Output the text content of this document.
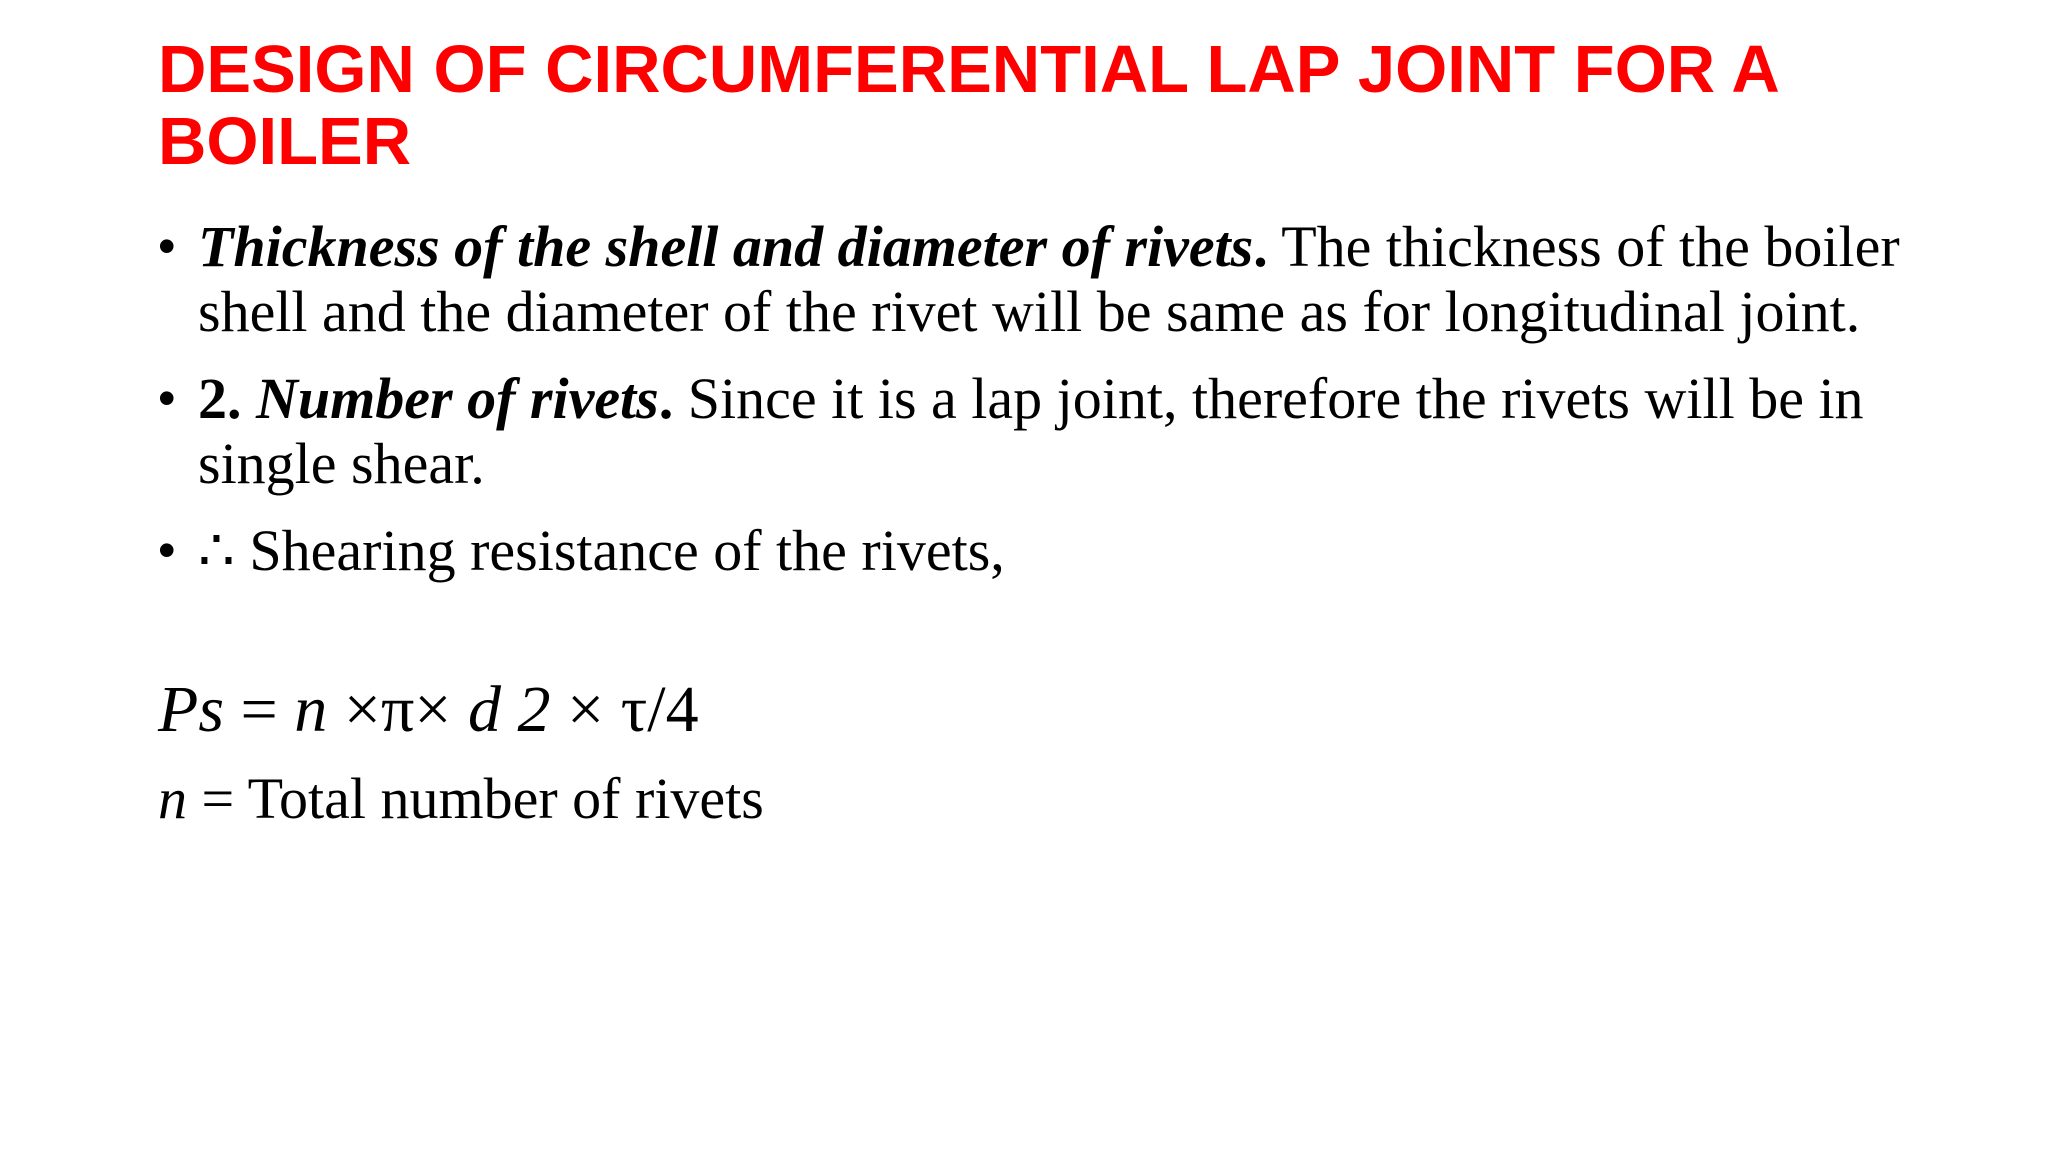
DESIGN OF CIRCUMFERENTIAL LAP JOINT FOR A BOILER
• Thickness of the shell and diameter of rivets. The thickness of the boiler shell and the diameter of the rivet will be same as for longitudinal joint.
• 2. Number of rivets. Since it is a lap joint, therefore the rivets will be in single shear.
• ∴ Shearing resistance of the rivets,
Ps = n ×π× d 2 × τ/4
n = Total number of rivets
